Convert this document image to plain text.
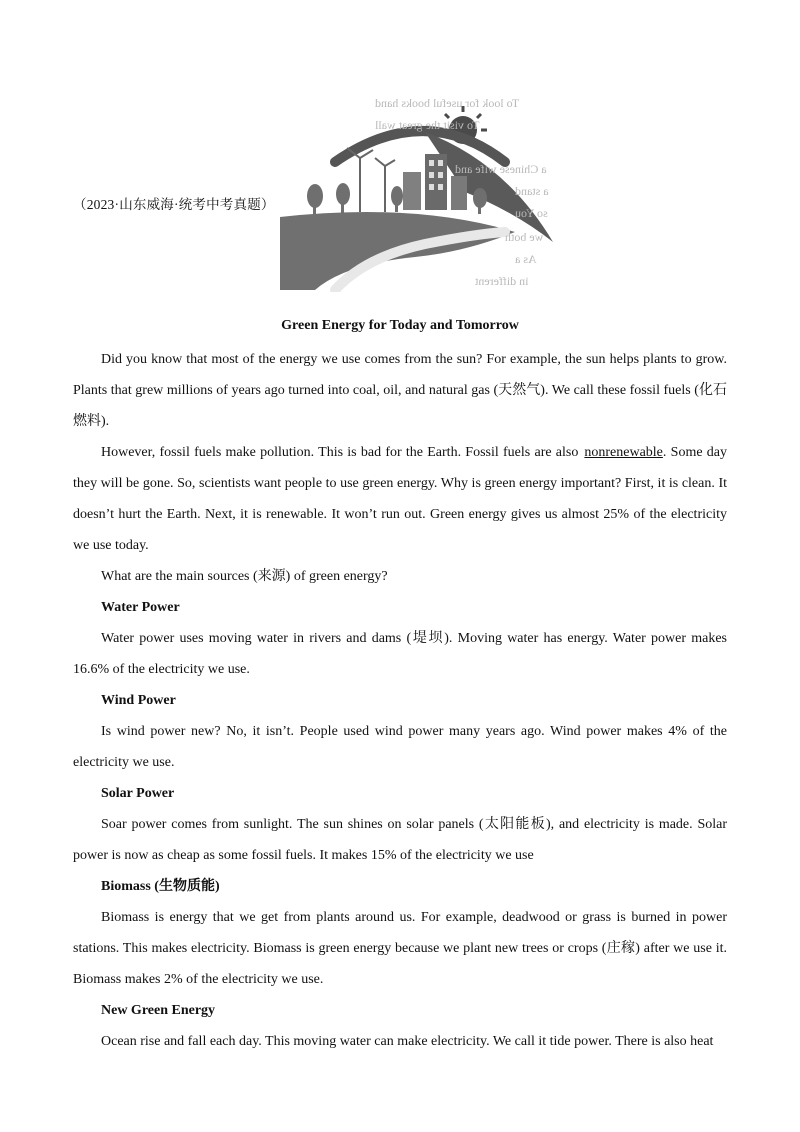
（2023·山东威海·统考中考真题）
To look for useful books hand
To visit the great wall
a Chinese wife and
a stand
so You
we both
As a
in different
Green Energy for Today and Tomorrow

Did you know that most of the energy we use comes from the sun? For example, the sun helps plants to grow. Plants that grew millions of years ago turned into coal, oil, and natural gas (天然气). We call these fossil fuels (化石燃料).

However, fossil fuels make pollution. This is bad for the Earth. Fossil fuels are also nonrenewable. Some day they will be gone. So, scientists want people to use green energy. Why is green energy important? First, it is clean. It doesn’t hurt the Earth. Next, it is renewable. It won’t run out. Green energy gives us almost 25% of the electricity we use today.

What are the main sources (来源) of green energy?

Water Power

Water power uses moving water in rivers and dams (堤坝). Moving water has energy. Water power makes 16.6% of the electricity we use.

Wind Power

Is wind power new? No, it isn’t. People used wind power many years ago. Wind power makes 4% of the electricity we use.

Solar Power

Soar power comes from sunlight. The sun shines on solar panels (太阳能板), and electricity is made. Solar power is now as cheap as some fossil fuels. It makes 15% of the electricity we use

Biomass (生物质能)

Biomass is energy that we get from plants around us. For example, deadwood or grass is burned in power stations. This makes electricity. Biomass is green energy because we plant new trees or crops (庄稼) after we use it. Biomass makes 2% of the electricity we use.

New Green Energy

Ocean rise and fall each day. This moving water can make electricity. We call it tide power. There is also heat
